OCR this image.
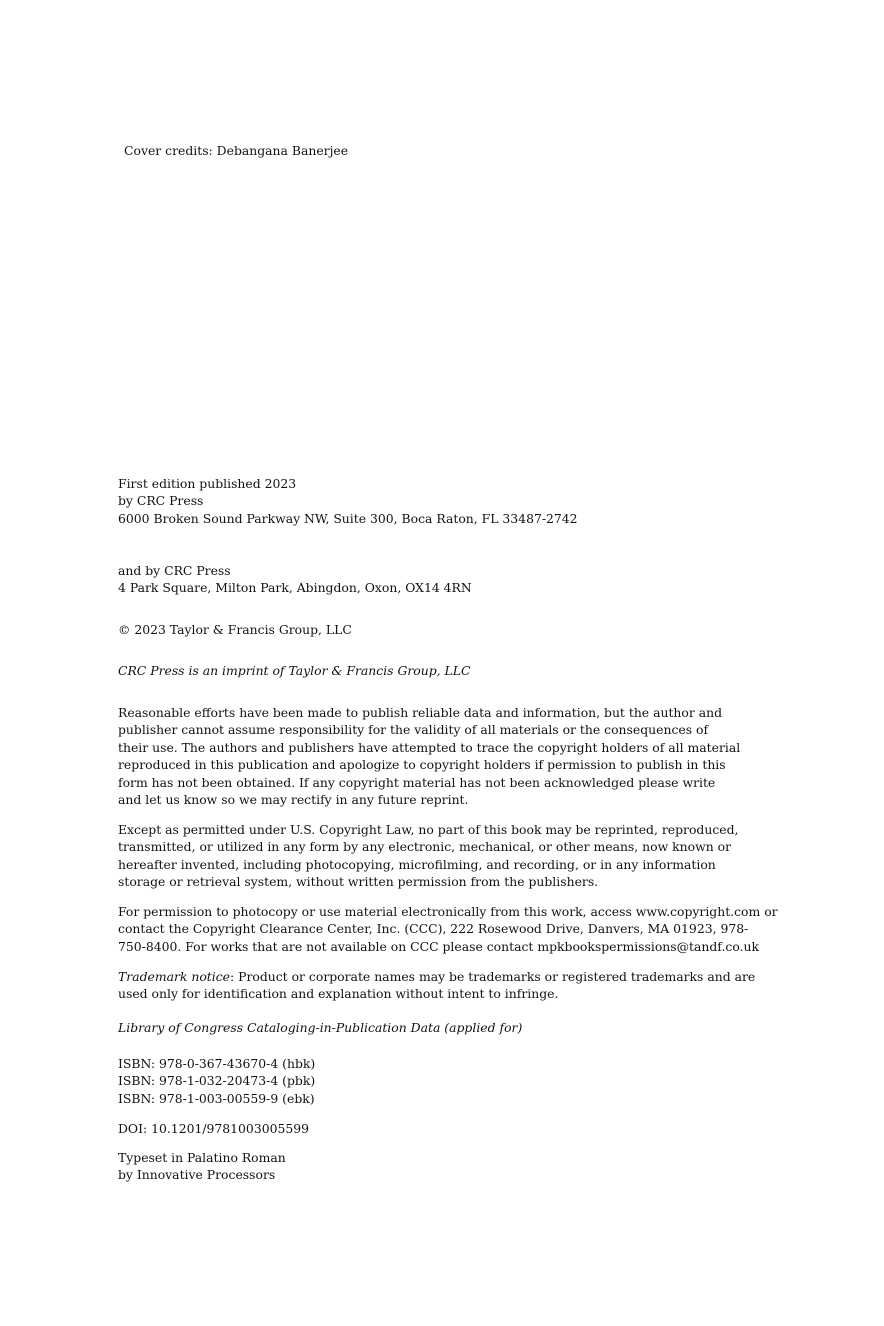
Cover credits: Debangana Banerjee

First edition published 2023
by CRC Press
6000 Broken Sound Parkway NW, Suite 300, Boca Raton, FL 33487-2742

and by CRC Press
4 Park Square, Milton Park, Abingdon, Oxon, OX14 4RN

© 2023 Taylor & Francis Group, LLC

CRC Press is an imprint of Taylor & Francis Group, LLC

Reasonable efforts have been made to publish reliable data and information, but the author and
publisher cannot assume responsibility for the validity of all materials or the consequences of
their use. The authors and publishers have attempted to trace the copyright holders of all material
reproduced in this publication and apologize to copyright holders if permission to publish in this
form has not been obtained. If any copyright material has not been acknowledged please write
and let us know so we may rectify in any future reprint.

Except as permitted under U.S. Copyright Law, no part of this book may be reprinted, reproduced,
transmitted, or utilized in any form by any electronic, mechanical, or other means, now known or
hereafter invented, including photocopying, microfilming, and recording, or in any information
storage or retrieval system, without written permission from the publishers.

For permission to photocopy or use material electronically from this work, access www.copyright.com or
contact the Copyright Clearance Center, Inc. (CCC), 222 Rosewood Drive, Danvers, MA 01923, 978-
750-8400. For works that are not available on CCC please contact mpkbookspermissions@tandf.co.uk

Trademark notice: Product or corporate names may be trademarks or registered trademarks and are
used only for identification and explanation without intent to infringe.

Library of Congress Cataloging-in-Publication Data (applied for)

ISBN: 978-0-367-43670-4 (hbk)
ISBN: 978-1-032-20473-4 (pbk)
ISBN: 978-1-003-00559-9 (ebk)

DOI: 10.1201/9781003005599

Typeset in Palatino Roman
by Innovative Processors
